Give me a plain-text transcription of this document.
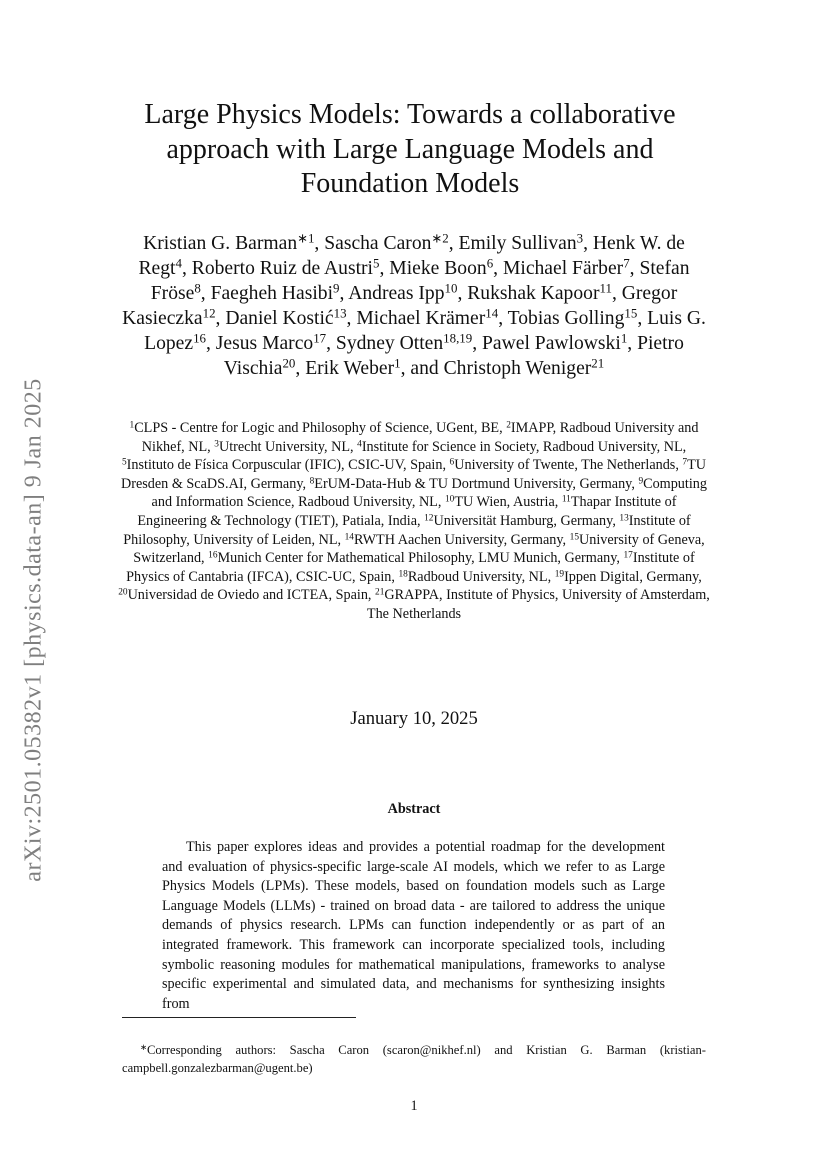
arXiv:2501.05382v1 [physics.data-an] 9 Jan 2025
Large Physics Models: Towards a collaborative
approach with Large Language Models and
Foundation Models

Kristian G. Barman$^{∗1}$, Sascha Caron$^{∗2}$, Emily Sullivan$^3$, Henk W. de Regt$^4$, Roberto Ruiz de Austri$^5$, Mieke Boon$^6$, Michael Färber$^7$, Stefan Fröse$^8$, Faegheh Hasibi$^9$, Andreas Ipp$^{10}$, Rukshak Kapoor$^{11}$, Gregor Kasieczka$^{12}$, Daniel Kostić$^{13}$, Michael Krämer$^{14}$, Tobias Golling$^{15}$, Luis G. Lopez$^{16}$, Jesus Marco$^{17}$, Sydney Otten$^{18,19}$, Pawel Pawlowski$^1$, Pietro Vischia$^{20}$, Erik Weber$^1$, and Christoph Weniger$^{21}$

$^1$CLPS - Centre for Logic and Philosophy of Science, UGent, BE, $^2$IMAPP, Radboud University and Nikhef, NL, $^3$Utrecht University, NL, $^4$Institute for Science in Society, Radboud University, NL, $^5$Instituto de Física Corpuscular (IFIC), CSIC-UV, Spain, $^6$University of Twente, The Netherlands, $^7$TU Dresden & ScaDS.AI, Germany, $^8$ErUM-Data-Hub & TU Dortmund University, Germany, $^9$Computing and Information Science, Radboud University, NL, $^{10}$TU Wien, Austria, $^{11}$Thapar Institute of Engineering & Technology (TIET), Patiala, India, $^{12}$Universität Hamburg, Germany, $^{13}$Institute of Philosophy, University of Leiden, NL, $^{14}$RWTH Aachen University, Germany, $^{15}$University of Geneva, Switzerland, $^{16}$Munich Center for Mathematical Philosophy, LMU Munich, Germany, $^{17}$Institute of Physics of Cantabria (IFCA), CSIC-UC, Spain, $^{18}$Radboud University, NL, $^{19}$Ippen Digital, Germany, $^{20}$Universidad de Oviedo and ICTEA, Spain, $^{21}$GRAPPA, Institute of Physics, University of Amsterdam, The Netherlands

January 10, 2025
Abstract

This paper explores ideas and provides a potential roadmap for the development and evaluation of physics-specific large-scale AI models, which we refer to as Large Physics Models (LPMs). These models, based on foundation models such as Large Language Models (LLMs) - trained on broad data - are tailored to address the unique demands of physics research. LPMs can function independently or as part of an integrated framework. This framework can incorporate specialized tools, including symbolic reasoning modules for mathematical manipulations, frameworks to analyse specific experimental and simulated data, and mechanisms for synthesizing insights from

∗Corresponding authors: Sascha Caron (scaron@nikhef.nl) and Kristian G. Barman (kristian-campbell.gonzalezbarman@ugent.be)

1
